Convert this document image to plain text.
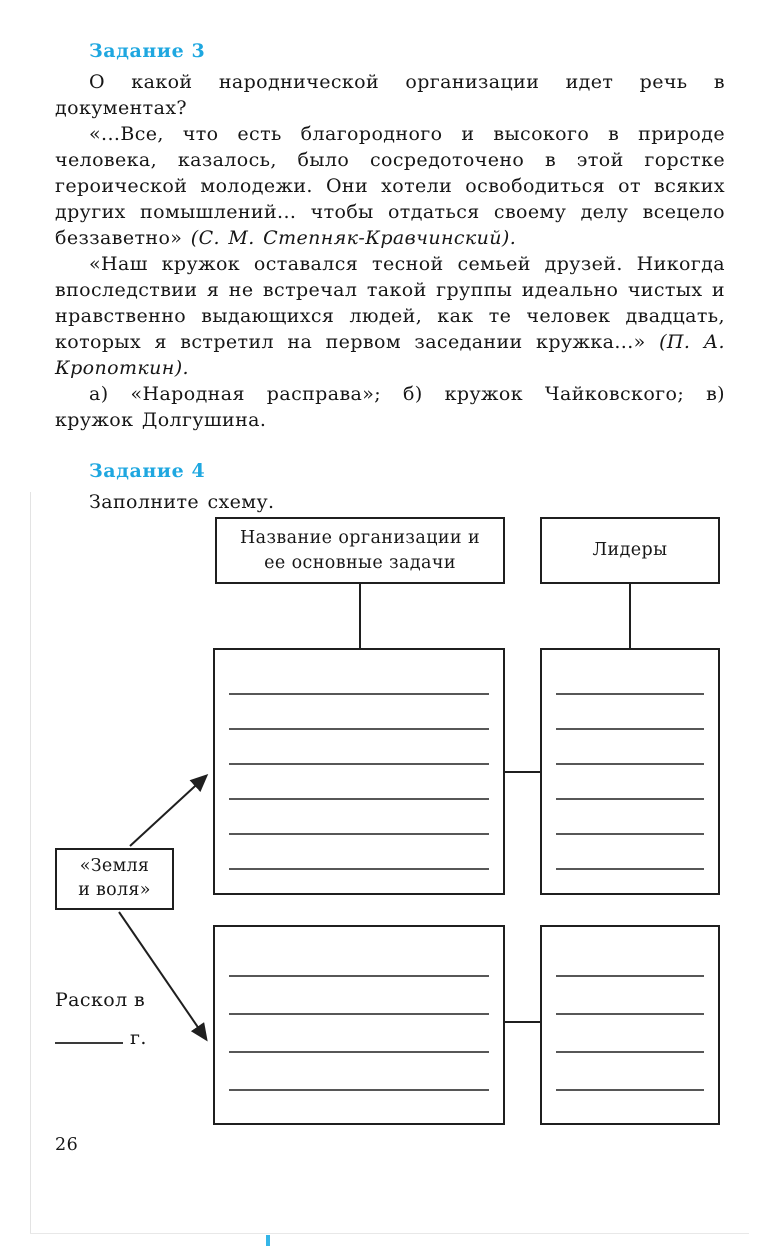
Задание 3

О какой народнической организации идет речь в документах?

«...Все, что есть благородного и высокого в природе человека, казалось, было сосредоточено в этой горстке героической молодежи. Они хотели освободиться от всяких других помышлений... чтобы отдаться своему делу всецело беззаветно» (С. М. Степняк-Кравчинский).

«Наш кружок оставался тесной семьей друзей. Никогда впоследствии я не встречал такой группы идеально чистых и нравственно выдающихся людей, как те человек двадцать, которых я встретил на первом заседании кружка...» (П. А. Кропоткин).

а) «Народная расправа»; б) кружок Чайковского; в) кружок Долгушина.

Задание 4

Заполните схему.

Название организации и ее основные задачи
Лидеры
«Земля и воля»
Раскол в
г.
26
